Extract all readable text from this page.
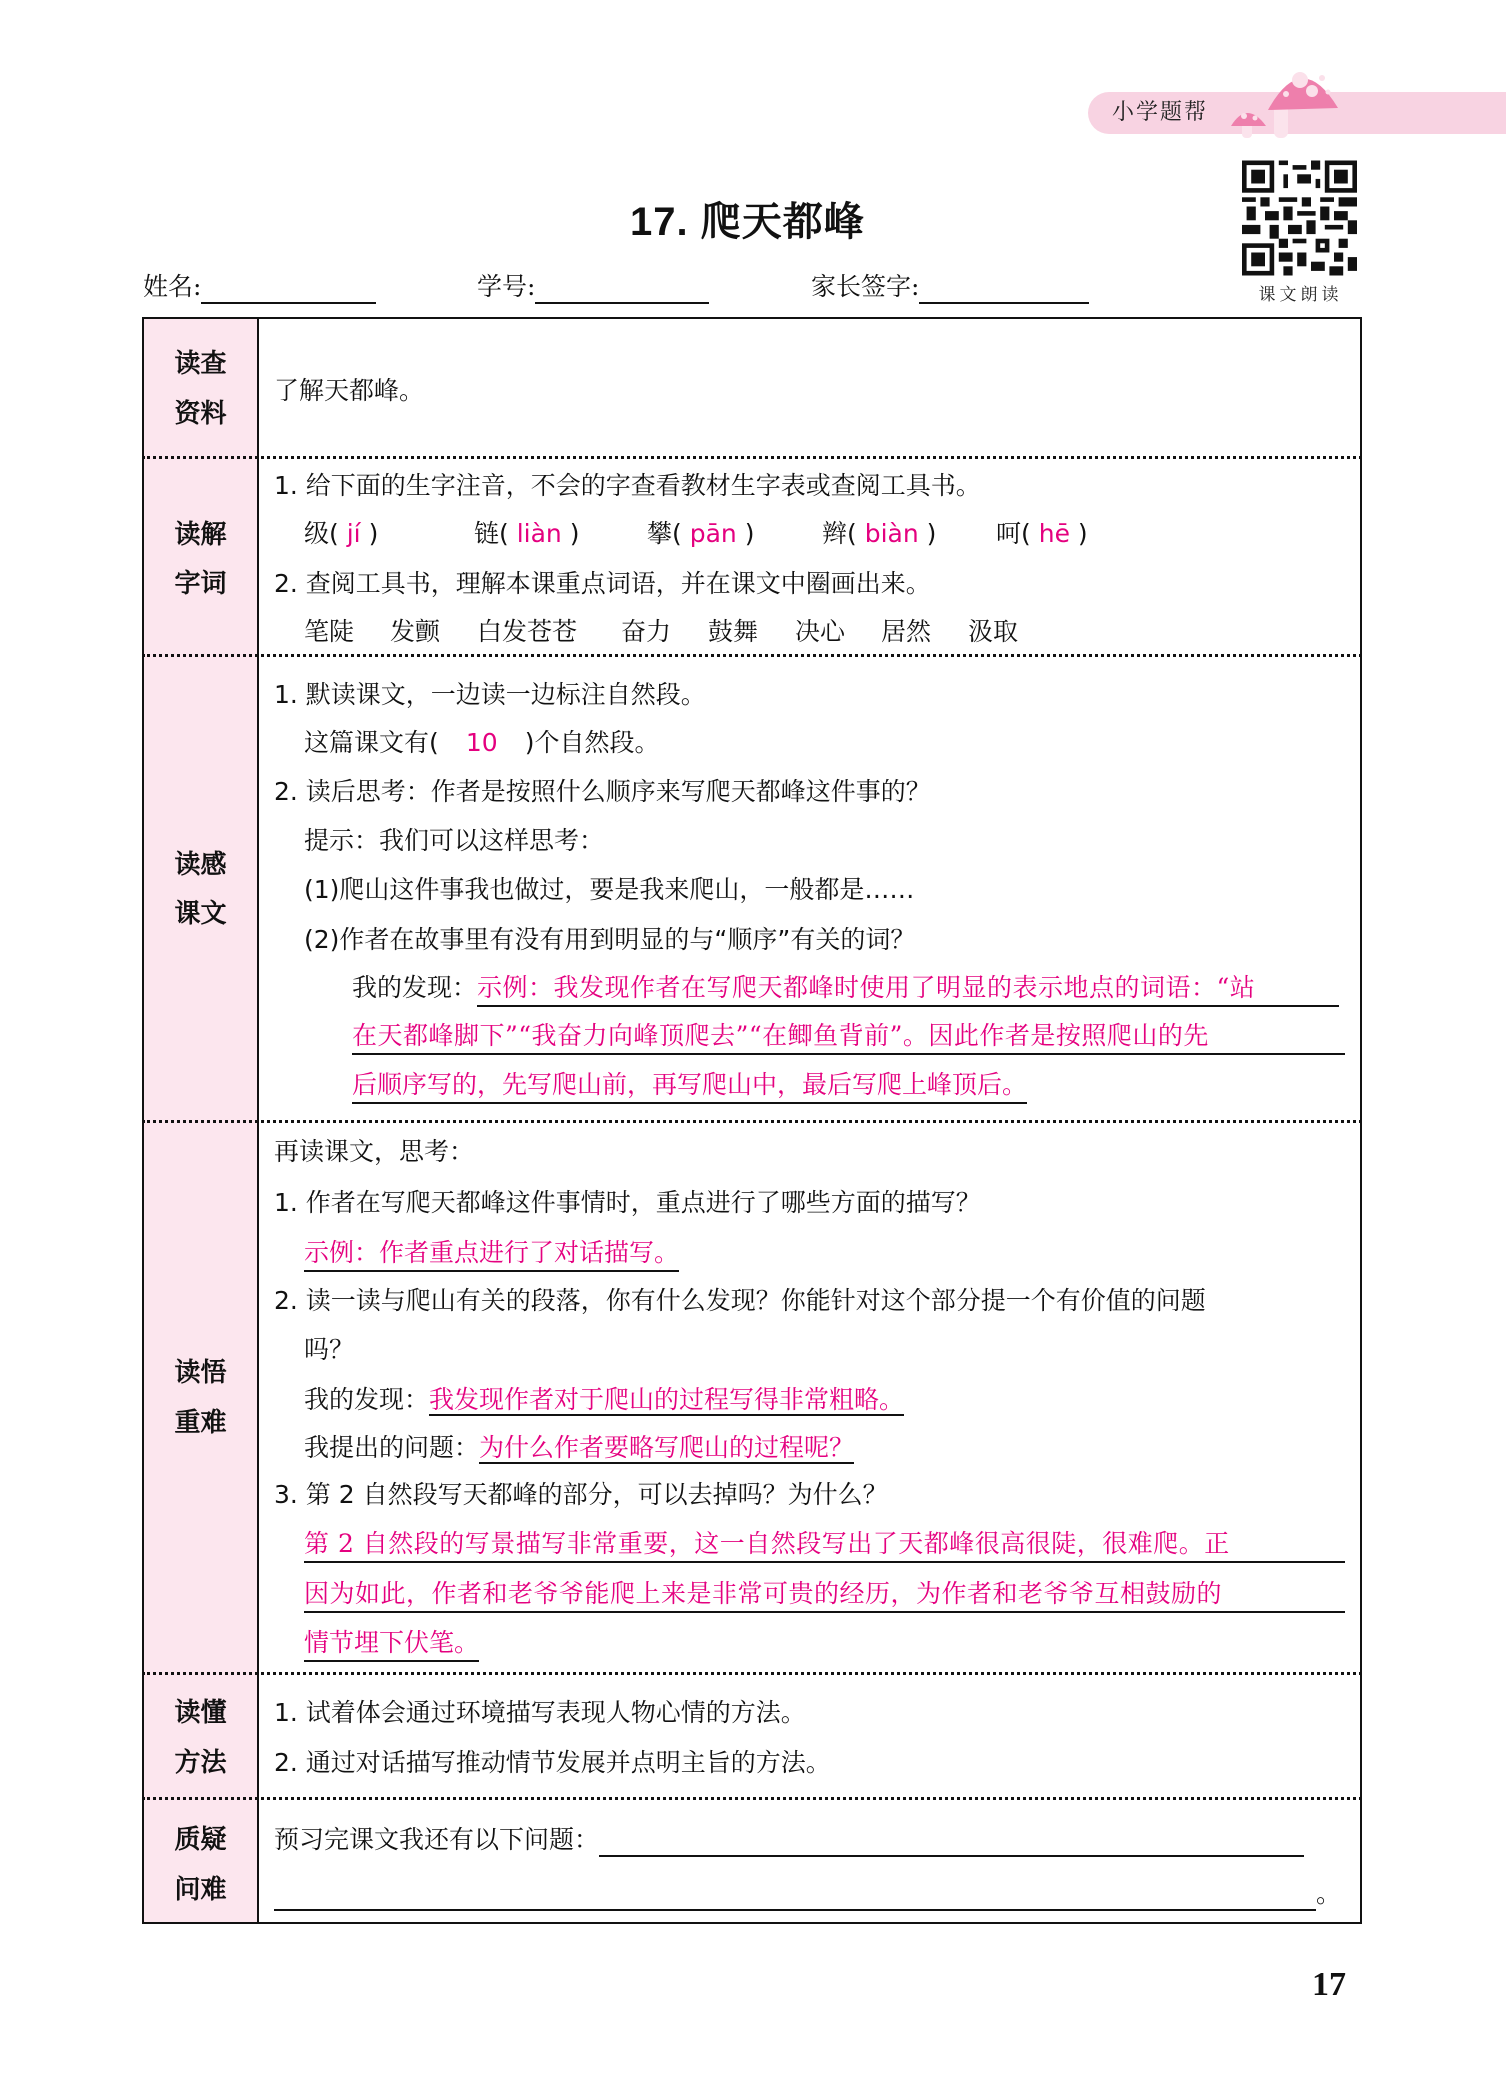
小学题帮
课文朗读
17. 爬天都峰
姓名:	学号:	家长签字:
读查
资料
了解天都峰。
读解
字词
1. 给下面的生字注音，不会的字查看教材生字表或查阅工具书。
级( jí )	链( liàn )	攀( pān )	辫( biàn ) 呵( hē )
2. 查阅工具书，理解本课重点词语，并在课文中圈画出来。
笔陡 发颤 白发苍苍 奋力 鼓舞 决心 居然 汲取
读感
课文
1. 默读课文，一边读一边标注自然段。
这篇课文有( 10 )个自然段。
2. 读后思考：作者是按照什么顺序来写爬天都峰这件事的？
提示：我们可以这样思考：
(1)爬山这件事我也做过，要是我来爬山，一般都是……
(2)作者在故事里有没有用到明显的与“顺序”有关的词？
我的发现：示例：我发现作者在写爬天都峰时使用了明显的表示地点的词语：“站
在天都峰脚下”“我奋力向峰顶爬去”“在鲫鱼背前”。因此作者是按照爬山的先
后顺序写的，先写爬山前，再写爬山中，最后写爬上峰顶后。
读悟
重难
再读课文，思考：
1. 作者在写爬天都峰这件事情时，重点进行了哪些方面的描写？
示例：作者重点进行了对话描写。
2. 读一读与爬山有关的段落，你有什么发现？你能针对这个部分提一个有价值的问题
吗？
我的发现：我发现作者对于爬山的过程写得非常粗略。
我提出的问题：为什么作者要略写爬山的过程呢？
3. 第 2 自然段写天都峰的部分，可以去掉吗？为什么？
第 2 自然段的写景描写非常重要，这一自然段写出了天都峰很高很陡，很难爬。正
因为如此，作者和老爷爷能爬上来是非常可贵的经历，为作者和老爷爷互相鼓励的
情节埋下伏笔。
读懂
方法
1. 试着体会通过环境描写表现人物心情的方法。
2. 通过对话描写推动情节发展并点明主旨的方法。
质疑
问难
预习完课文我还有以下问题：
。
17
